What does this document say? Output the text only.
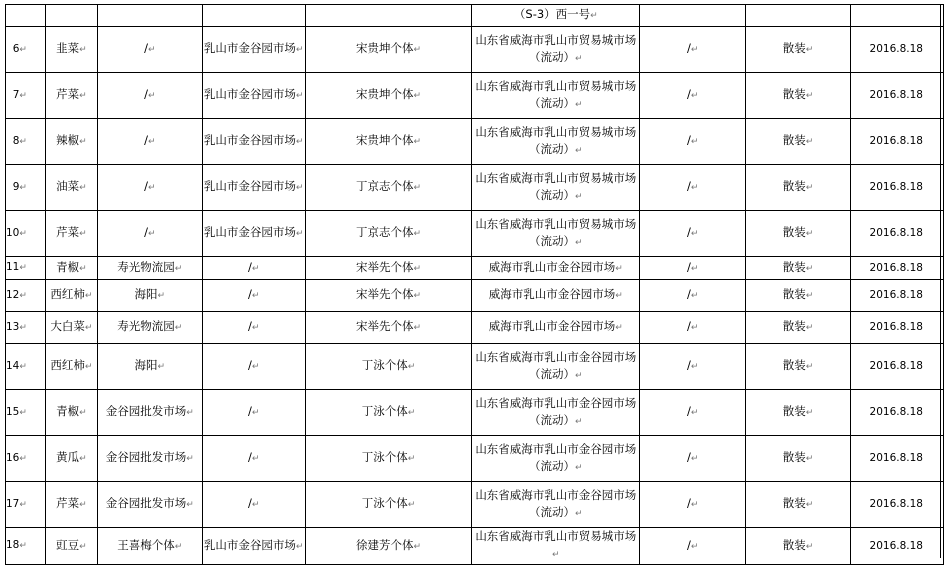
					（S-3）西一号↵			
6↵	韭菜↵	/↵	乳山市金谷园市场↵	宋贵坤个体↵	山东省威海市乳山市贸易城市场（流动）↵	/↵	散装↵	2016.8.18
7↵	芹菜↵	/↵	乳山市金谷园市场↵	宋贵坤个体↵	山东省威海市乳山市贸易城市场（流动）↵	/↵	散装↵	2016.8.18
8↵	辣椒↵	/↵	乳山市金谷园市场↵	宋贵坤个体↵	山东省威海市乳山市贸易城市场（流动）↵	/↵	散装↵	2016.8.18
9↵	油菜↵	/↵	乳山市金谷园市场↵	丁京志个体↵	山东省威海市乳山市贸易城市场（流动）↵	/↵	散装↵	2016.8.18
10↵	芹菜↵	/↵	乳山市金谷园市场↵	丁京志个体↵	山东省威海市乳山市贸易城市场（流动）↵	/↵	散装↵	2016.8.18
11↵	青椒↵	寿光物流园↵	/↵	宋举先个体↵	威海市乳山市金谷园市场↵	/↵	散装↵	2016.8.18
12↵	西红柿↵	海阳↵	/↵	宋举先个体↵	威海市乳山市金谷园市场↵	/↵	散装↵	2016.8.18
13↵	大白菜↵	寿光物流园↵	/↵	宋举先个体↵	威海市乳山市金谷园市场↵	/↵	散装↵	2016.8.18
14↵	西红柿↵	海阳↵	/↵	丁泳个体↵	山东省威海市乳山市金谷园市场（流动）↵	/↵	散装↵	2016.8.18
15↵	青椒↵	金谷园批发市场↵	/↵	丁泳个体↵	山东省威海市乳山市金谷园市场（流动）↵	/↵	散装↵	2016.8.18
16↵	黄瓜↵	金谷园批发市场↵	/↵	丁泳个体↵	山东省威海市乳山市金谷园市场（流动）↵	/↵	散装↵	2016.8.18
17↵	芹菜↵	金谷园批发市场↵	/↵	丁泳个体↵	山东省威海市乳山市金谷园市场（流动）↵	/↵	散装↵	2016.8.18
18↵	豇豆↵	王喜梅个体↵	乳山市金谷园市场↵	徐建芳个体↵	山东省威海市乳山市贸易城市场↵	/↵	散装↵	2016.8.18
